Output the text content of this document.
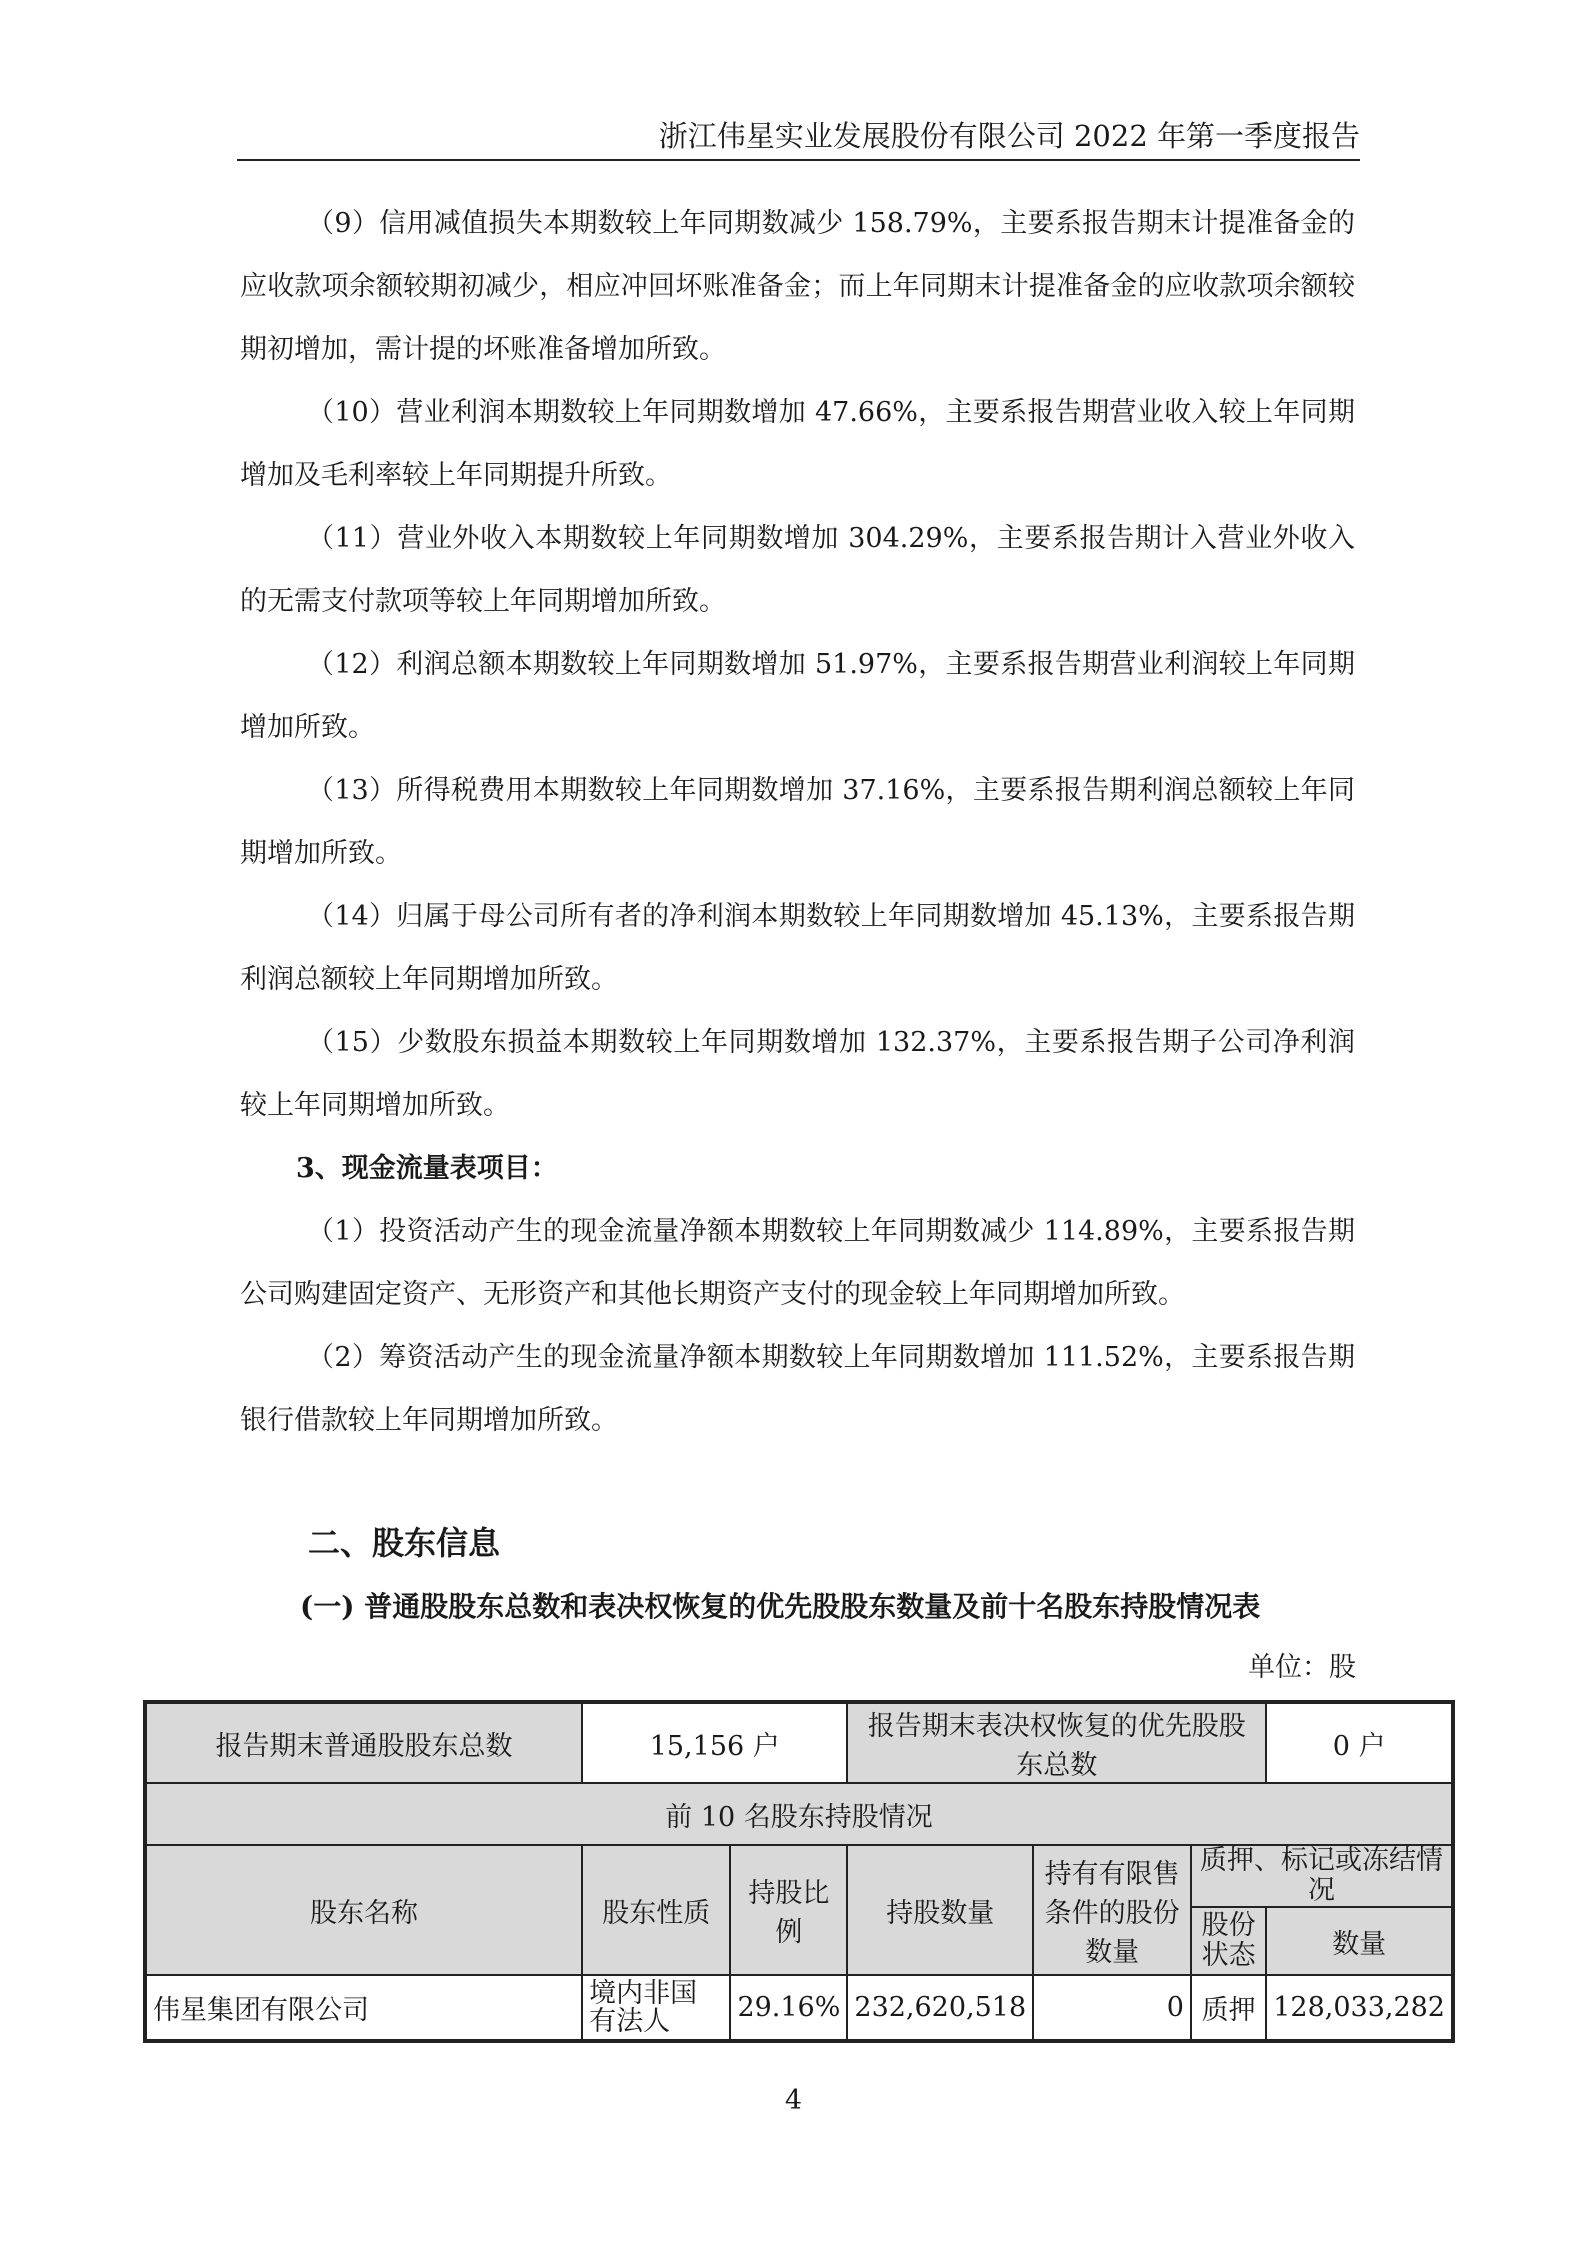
浙江伟星实业发展股份有限公司 2022 年第一季度报告

（9）信用减值损失本期数较上年同期数减少 158.79%，主要系报告期末计提准备金的应收款项余额较期初减少，相应冲回坏账准备金；而上年同期末计提准备金的应收款项余额较期初增加，需计提的坏账准备增加所致。

（10）营业利润本期数较上年同期数增加 47.66%，主要系报告期营业收入较上年同期增加及毛利率较上年同期提升所致。

（11）营业外收入本期数较上年同期数增加 304.29%，主要系报告期计入营业外收入的无需支付款项等较上年同期增加所致。

（12）利润总额本期数较上年同期数增加 51.97%，主要系报告期营业利润较上年同期增加所致。

（13）所得税费用本期数较上年同期数增加 37.16%，主要系报告期利润总额较上年同期增加所致。

（14）归属于母公司所有者的净利润本期数较上年同期数增加 45.13%，主要系报告期利润总额较上年同期增加所致。

（15）少数股东损益本期数较上年同期数增加 132.37%，主要系报告期子公司净利润较上年同期增加所致。

3、现金流量表项目：

（1）投资活动产生的现金流量净额本期数较上年同期数减少 114.89%，主要系报告期公司购建固定资产、无形资产和其他长期资产支付的现金较上年同期增加所致。

（2）筹资活动产生的现金流量净额本期数较上年同期数增加 111.52%，主要系报告期银行借款较上年同期增加所致。

二、股东信息
(一) 普通股股东总数和表决权恢复的优先股股东数量及前十名股东持股情况表
单位：股
报告期末普通股股东总数	15,156 户		报告期末表决权恢复的优先股股东总数			0 户
前 10 名股东持股情况						
股东名称	股东性质	持股比例	持股数量	持有有限售条件的股份数量	质押、标记或冻结情况	
					股份状态	数量
伟星集团有限公司	境内非国有法人	29.16%	232,620,518	0	质押	128,033,282
4
